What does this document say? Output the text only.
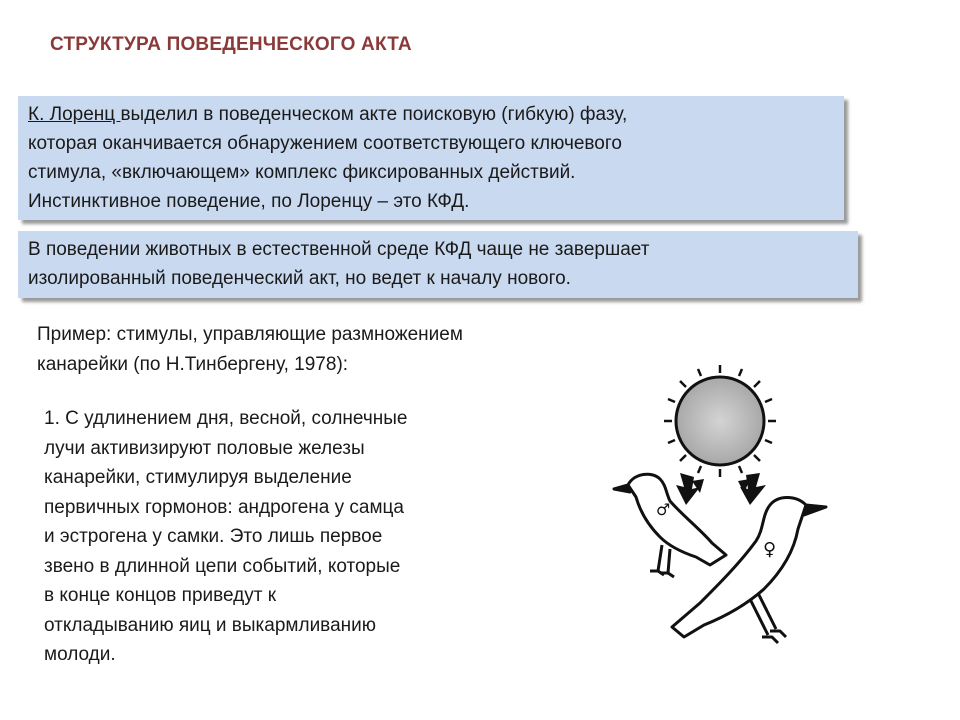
СТРУКТУРА ПОВЕДЕНЧЕСКОГО АКТА
К. Лоренц выделил в поведенческом акте поисковую (гибкую) фазу,
которая оканчивается обнаружением соответствующего ключевого
стимула, «включающем» комплекс фиксированных действий.
Инстинктивное поведение, по Лоренцу – это КФД.
В поведении животных в естественной среде КФД чаще не завершает
изолированный поведенческий акт, но ведет к началу нового.
Пример: стимулы, управляющие размножением
канарейки (по Н.Тинбергену, 1978):
1. С удлинением дня, весной, солнечные
лучи активизируют половые железы
канарейки, стимулируя выделение
первичных гормонов: андрогена у самца
и эстрогена у самки. Это лишь первое
звено в длинной цепи событий, которые
в конце концов приведут к
откладыванию яиц и выкармливанию
молоди.
♂
♀
